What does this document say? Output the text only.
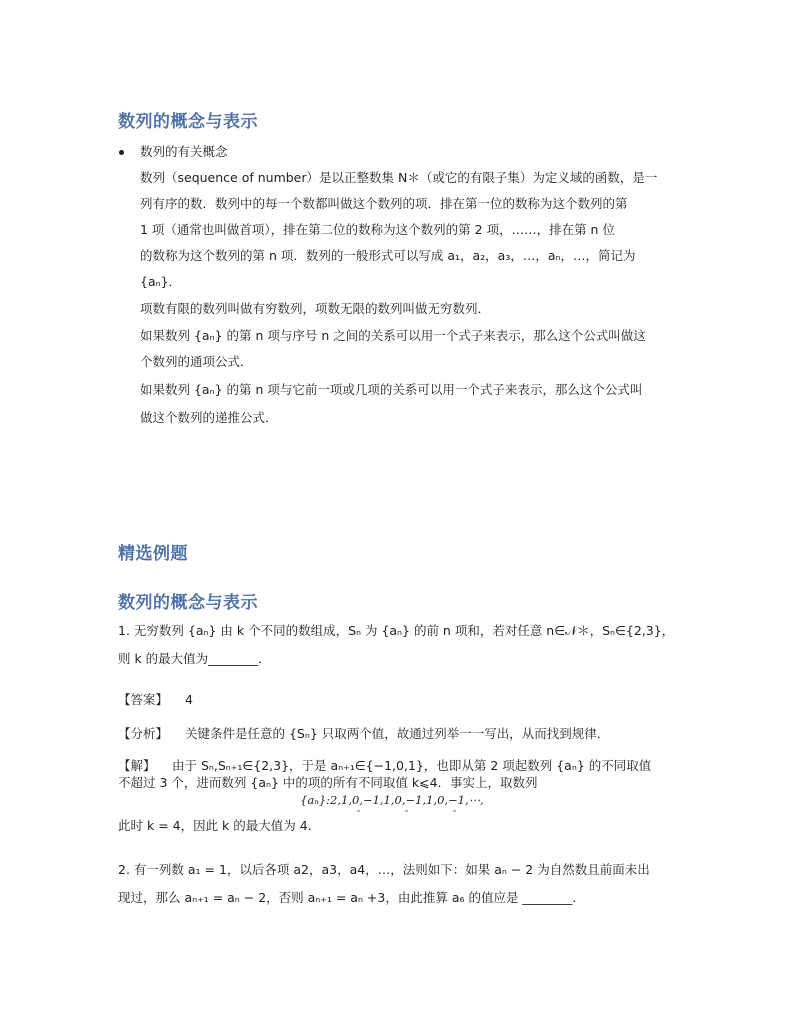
数列的概念与表示
数列的有关概念
数列（sequence of number）是以正整数集 N＊（或它的有限子集）为定义域的函数，是一
列有序的数．数列中的每一个数都叫做这个数列的项．排在第一位的数称为这个数列的第
1 项（通常也叫做首项），排在第二位的数称为这个数列的第 2 项，……，排在第 n 位
的数称为这个数列的第 n 项．数列的一般形式可以写成 a₁，a₂，a₃，…，aₙ，…，简记为
{aₙ}．
项数有限的数列叫做有穷数列，项数无限的数列叫做无穷数列．
如果数列 {aₙ} 的第 n 项与序号 n 之间的关系可以用一个式子来表示，那么这个公式叫做这
个数列的通项公式．
如果数列 {aₙ} 的第 n 项与它前一项或几项的关系可以用一个式子来表示，那么这个公式叫
做这个数列的递推公式．
精选例题
数列的概念与表示
1. 无穷数列 {aₙ} 由 k 个不同的数组成，Sₙ 为 {aₙ} 的前 n 项和，若对任意 n∈𝒩＊，Sₙ∈{2,3}，
则 k 的最大值为________．
【答案】 4
【分析】 关键条件是任意的 {Sₙ} 只取两个值，故通过列举一一写出，从而找到规律．
【解】 由于 Sₙ,Sₙ₊₁∈{2,3}，于是 aₙ₊₁∈{−1,0,1}，也即从第 2 项起数列 {aₙ} 的不同取值
不超过 3 个，进而数列 {aₙ} 中的项的所有不同取值 k⩽4．事实上，取数列
{aₙ}:2,1,0,−1,1,0,−1,1,0,−1,⋯,
˘	˘	˘
此时 k = 4，因此 k 的最大值为 4．
2. 有一列数 a₁ = 1，以后各项 a2，a3，a4，…，法则如下：如果 aₙ − 2 为自然数且前面未出
现过，那么 aₙ₊₁ = aₙ − 2，否则 aₙ₊₁ = aₙ +3，由此推算 a₆ 的值应是 ________．
